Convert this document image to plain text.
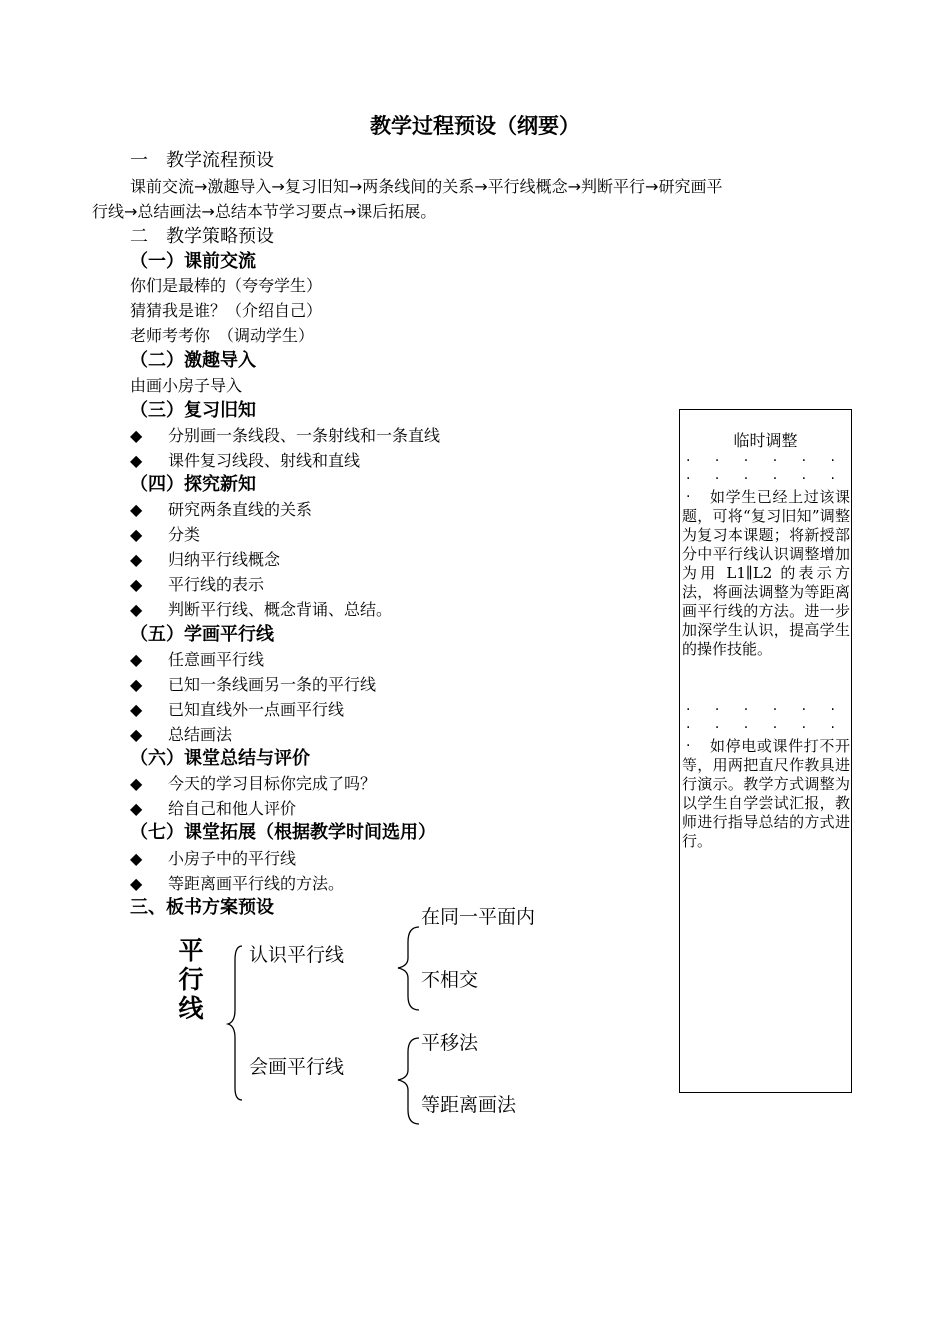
教学过程预设（纲要）
一　教学流程预设
课前交流→激趣导入→复习旧知→两条线间的关系→平行线概念→判断平行→研究画平
行线→总结画法→总结本节学习要点→课后拓展。
二　教学策略预设
（一）课前交流
你们是最棒的（夸夸学生）
猜猜我是谁？（介绍自己）
老师考考你　（调动学生）
（二）激趣导入
由画小房子导入
（三）复习旧知
◆ 分别画一条线段、一条射线和一条直线
◆ 课件复习线段、射线和直线
（四）探究新知
◆ 研究两条直线的关系
◆ 分类
◆ 归纳平行线概念
◆ 平行线的表示
◆ 判断平行线、概念背诵、总结。
（五）学画平行线
◆ 任意画平行线
◆ 已知一条线画另一条的平行线
◆ 已知直线外一点画平行线
◆ 总结画法
（六）课堂总结与评价
◆ 今天的学习目标你完成了吗？
◆ 给自己和他人评价
（七）课堂拓展（根据教学时间选用）
◆ 小房子中的平行线
◆ 等距离画平行线的方法。
三、板书方案预设
平
行
线
认识平行线
在同一平面内
不相交
会画平行线
平移法
等距离画法
临时调整
· · · · · · · · · · · · · 如学生已经上过该课题，可将“复习旧知”调整为复习本课题；将新授部分中平行线认识调整增加为用 L1∥L2 的表示方法，将画法调整为等距离画平行线的方法。进一步加深学生认识，提高学生的操作技能。
· · · · · · · · · · · · · 如停电或课件打不开等，用两把直尺作教具进行演示。教学方式调整为以学生自学尝试汇报，教师进行指导总结的方式进行。
